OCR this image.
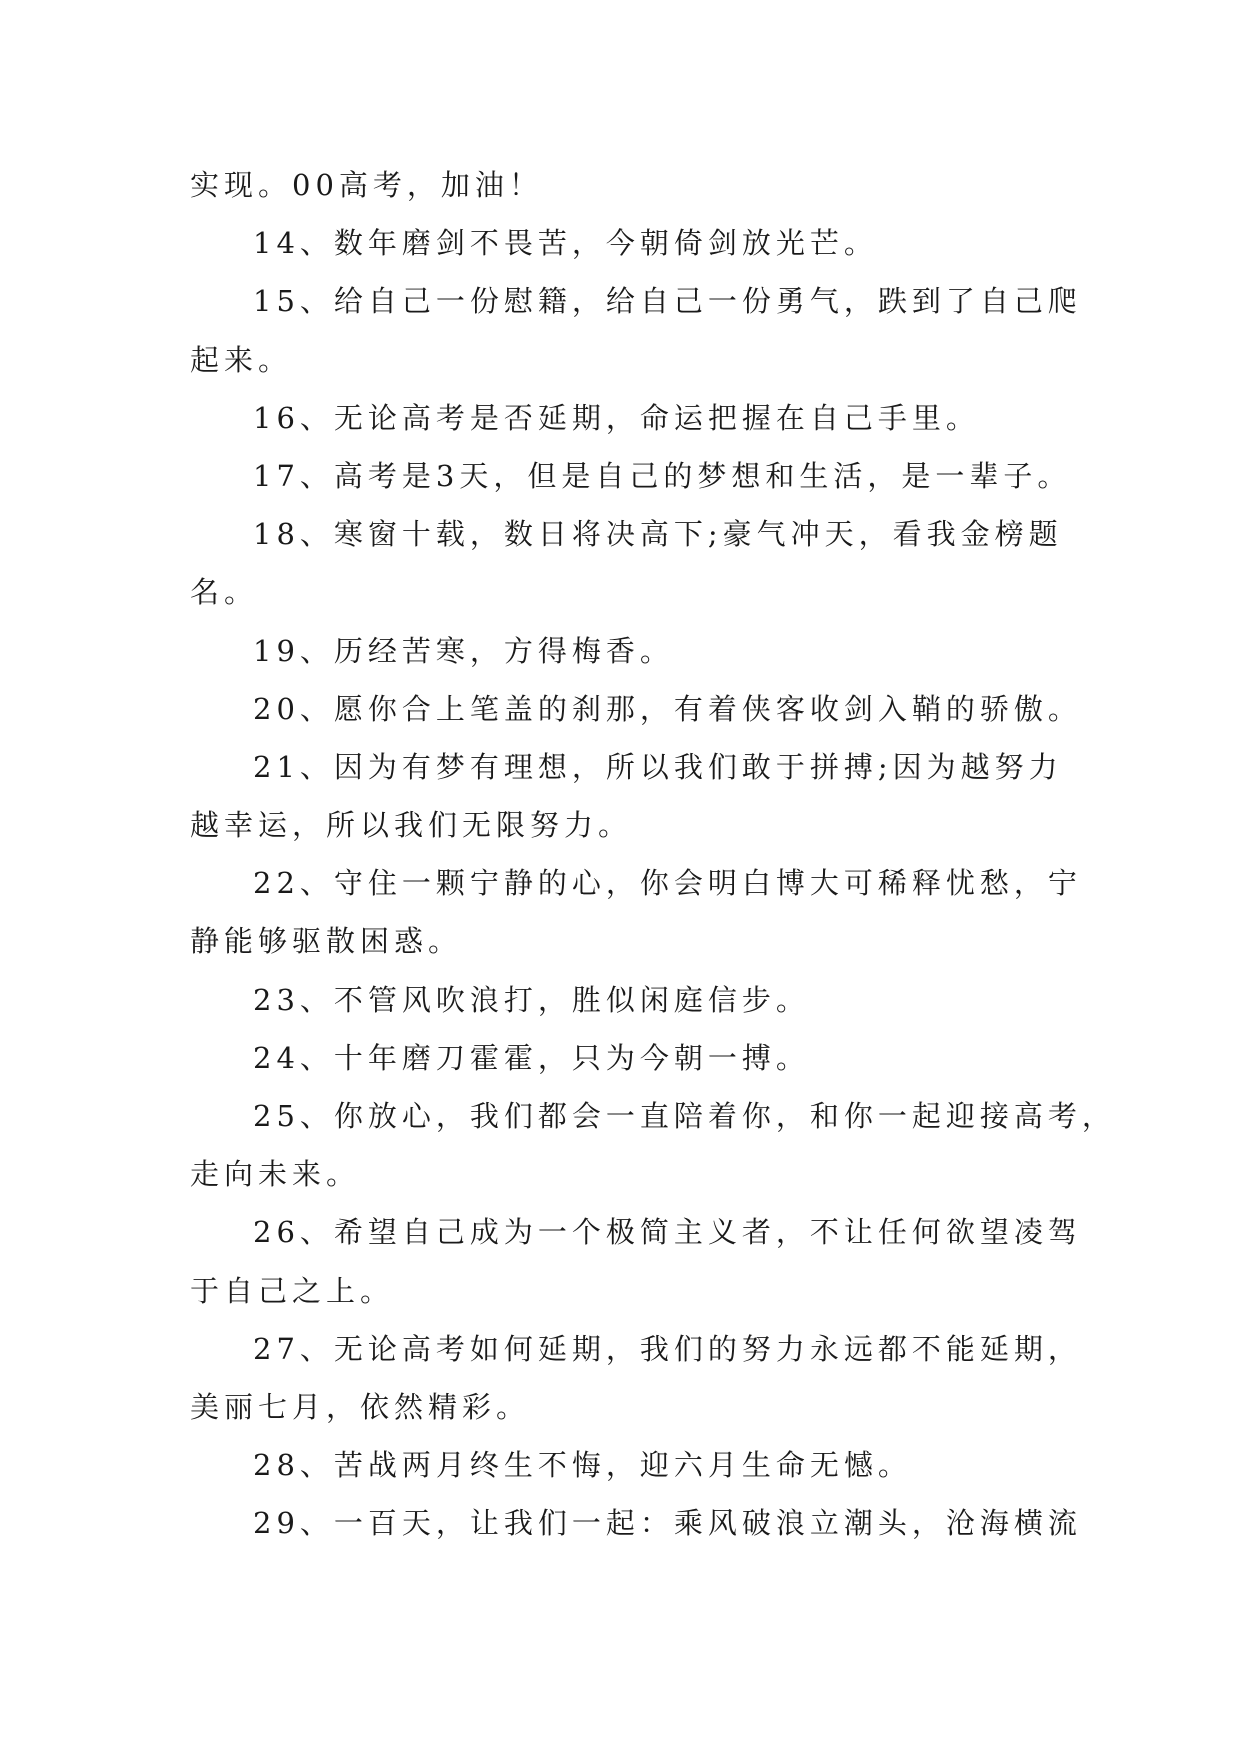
实现。00高考，加油！
14、数年磨剑不畏苦，今朝倚剑放光芒。
15、给自己一份慰籍，给自己一份勇气，跌到了自己爬
起来。
16、无论高考是否延期，命运把握在自己手里。
17、高考是3天，但是自己的梦想和生活，是一辈子。
18、寒窗十载，数日将决高下;豪气冲天，看我金榜题
名。
19、历经苦寒，方得梅香。
20、愿你合上笔盖的刹那，有着侠客收剑入鞘的骄傲。
21、因为有梦有理想，所以我们敢于拼搏;因为越努力
越幸运，所以我们无限努力。
22、守住一颗宁静的心，你会明白博大可稀释忧愁，宁
静能够驱散困惑。
23、不管风吹浪打，胜似闲庭信步。
24、十年磨刀霍霍，只为今朝一搏。
25、你放心，我们都会一直陪着你，和你一起迎接高考，
走向未来。
26、希望自己成为一个极简主义者，不让任何欲望凌驾
于自己之上。
27、无论高考如何延期，我们的努力永远都不能延期，
美丽七月，依然精彩。
28、苦战两月终生不悔，迎六月生命无憾。
29、一百天，让我们一起：乘风破浪立潮头，沧海横流
